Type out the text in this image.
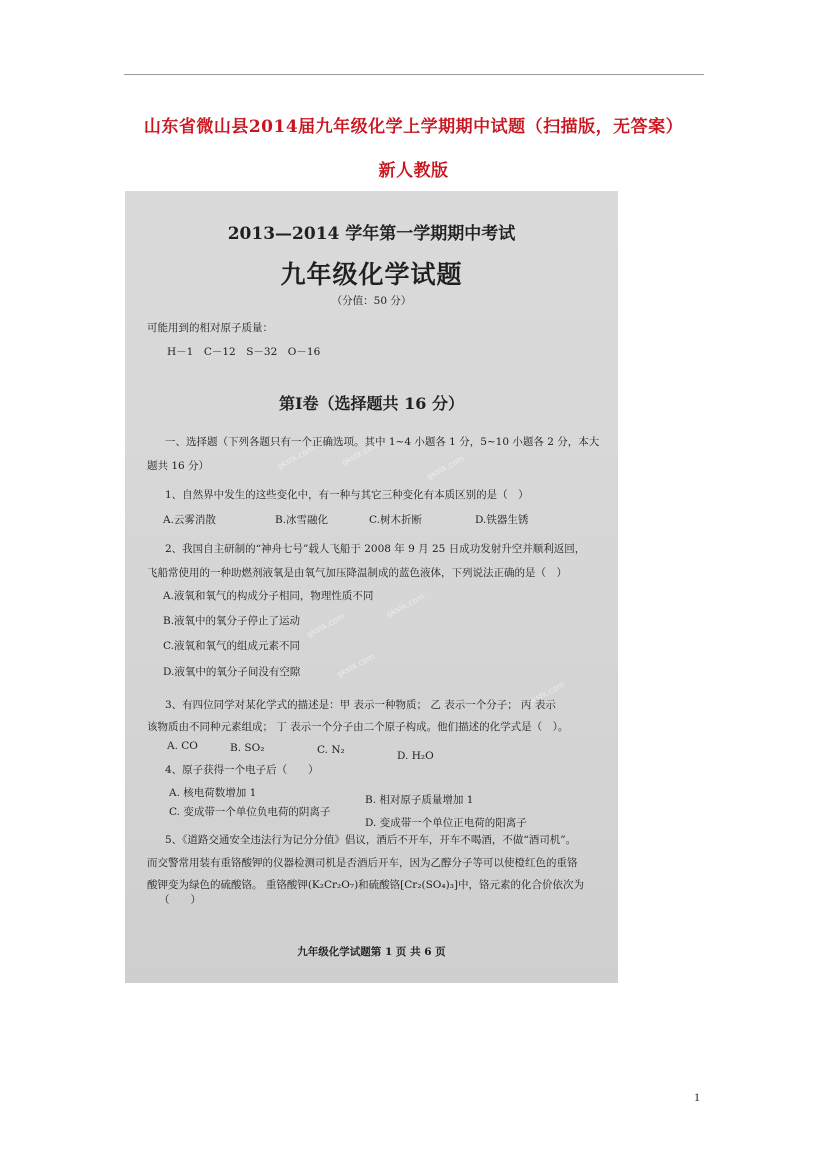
山东省微山县2014届九年级化学上学期期中试题（扫描版，无答案）
新人教版
gkstk.com	gkstk.com
gkstk.com
gkstk.com
gkstk.com
gkstk.com
gkstk.com
2013—2014 学年第一学期期中考试
九年级化学试题
（分值：50 分）
可能用到的相对原子质量：
H－1　C－12　S－32　O－16
第Ⅰ卷（选择题共 16 分）
一、选择题（下列各题只有一个正确选项。其中 1~4 小题各 1 分，5~10 小题各 2 分，本大
题共 16 分）
1、自然界中发生的这些变化中，有一种与其它三种变化有本质区别的是（　）
A.云雾消散	B.冰雪融化	C.树木折断	D.铁器生锈
2、我国自主研制的“神舟七号”载人飞船于 2008 年 9 月 25 日成功发射升空并顺利返回，
飞船常使用的一种助燃剂液氧是由氧气加压降温制成的蓝色液体，下列说法正确的是（　）
A.液氧和氧气的构成分子相同，物理性质不同
B.液氧中的氧分子停止了运动
C.液氧和氧气的组成元素不同
D.液氧中的氧分子间没有空隙
3、有四位同学对某化学式的描述是：甲 表示一种物质； 乙 表示一个分子； 丙 表示
该物质由不同种元素组成； 丁 表示一个分子由二个原子构成。他们描述的化学式是（　）。
A. CO	B. SO₂	C. N₂	D. H₂O
4、原子获得一个电子后（　　）
A. 核电荷数增加 1
B. 相对原子质量增加 1
C. 变成带一个单位负电荷的阴离子
D. 变成带一个单位正电荷的阳离子
5、《道路交通安全违法行为记分分值》倡议，酒后不开车，开车不喝酒，不做“酒司机”。
而交警常用装有重铬酸钾的仪器检测司机是否酒后开车，因为乙醇分子等可以使橙红色的重铬
酸钾变为绿色的硫酸铬。 重铬酸钾(K₂Cr₂O₇)和硫酸铬[Cr₂(SO₄)₃]中，铬元素的化合价依次为
（　　）
九年级化学试题第 1 页 共 6 页
1
